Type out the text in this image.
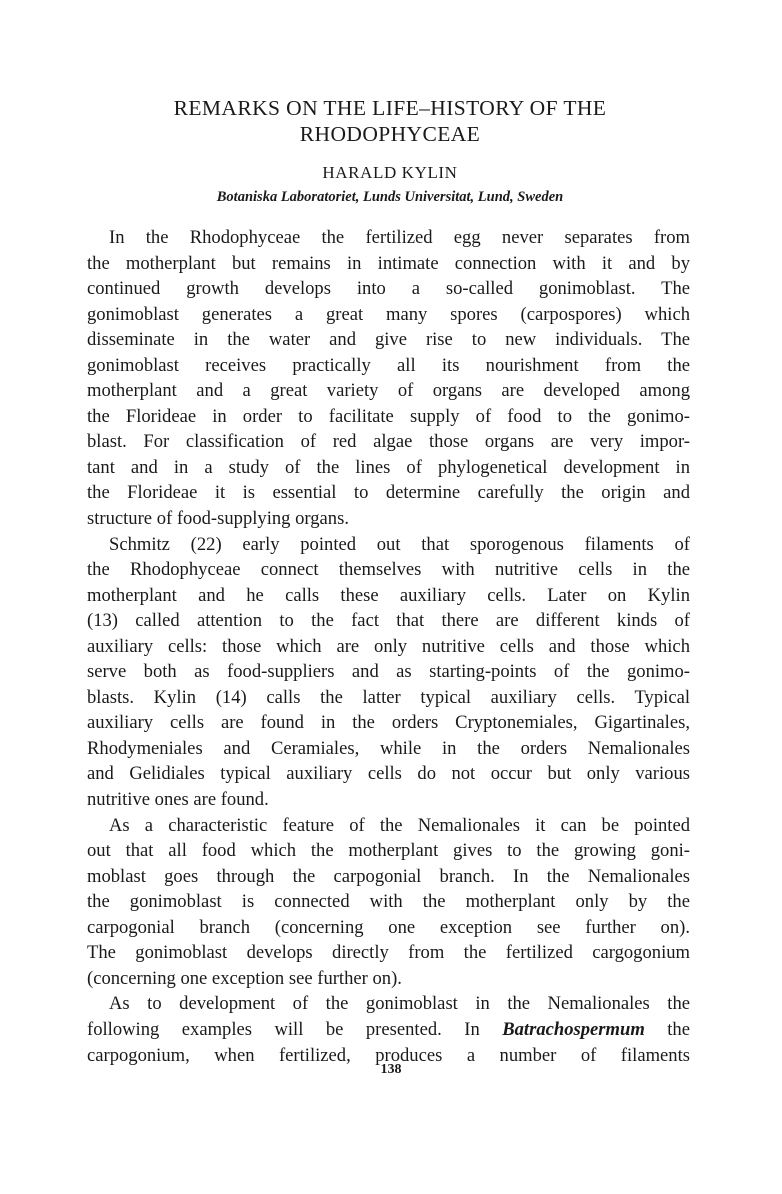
REMARKS ON THE LIFE–HISTORY OF THE
RHODOPHYCEAE
HARALD KYLIN
Botaniska Laboratoriet, Lunds Universitat, Lund, Sweden
In the Rhodophyceae the fertilized egg never separates from
the motherplant but remains in intimate connection with it and by
continued growth develops into a so-called gonimoblast. The
gonimoblast generates a great many spores (carpospores) which
disseminate in the water and give rise to new individuals. The
gonimoblast receives practically all its nourishment from the
motherplant and a great variety of organs are developed among
the Florideae in order to facilitate supply of food to the gonimo-
blast. For classification of red algae those organs are very impor-
tant and in a study of the lines of phylogenetical development in
the Florideae it is essential to determine carefully the origin and
structure of food-supplying organs.
Schmitz (22) early pointed out that sporogenous filaments of
the Rhodophyceae connect themselves with nutritive cells in the
motherplant and he calls these auxiliary cells. Later on Kylin
(13) called attention to the fact that there are different kinds of
auxiliary cells: those which are only nutritive cells and those which
serve both as food-suppliers and as starting-points of the gonimo-
blasts. Kylin (14) calls the latter typical auxiliary cells. Typical
auxiliary cells are found in the orders Cryptonemiales, Gigartinales,
Rhodymeniales and Ceramiales, while in the orders Nemalionales
and Gelidiales typical auxiliary cells do not occur but only various
nutritive ones are found.
As a characteristic feature of the Nemalionales it can be pointed
out that all food which the motherplant gives to the growing goni-
moblast goes through the carpogonial branch. In the Nemalionales
the gonimoblast is connected with the motherplant only by the
carpogonial branch (concerning one exception see further on).
The gonimoblast develops directly from the fertilized cargogonium
(concerning one exception see further on).
As to development of the gonimoblast in the Nemalionales the
following examples will be presented. In Batrachospermum the
carpogonium, when fertilized, produces a number of filaments
138
